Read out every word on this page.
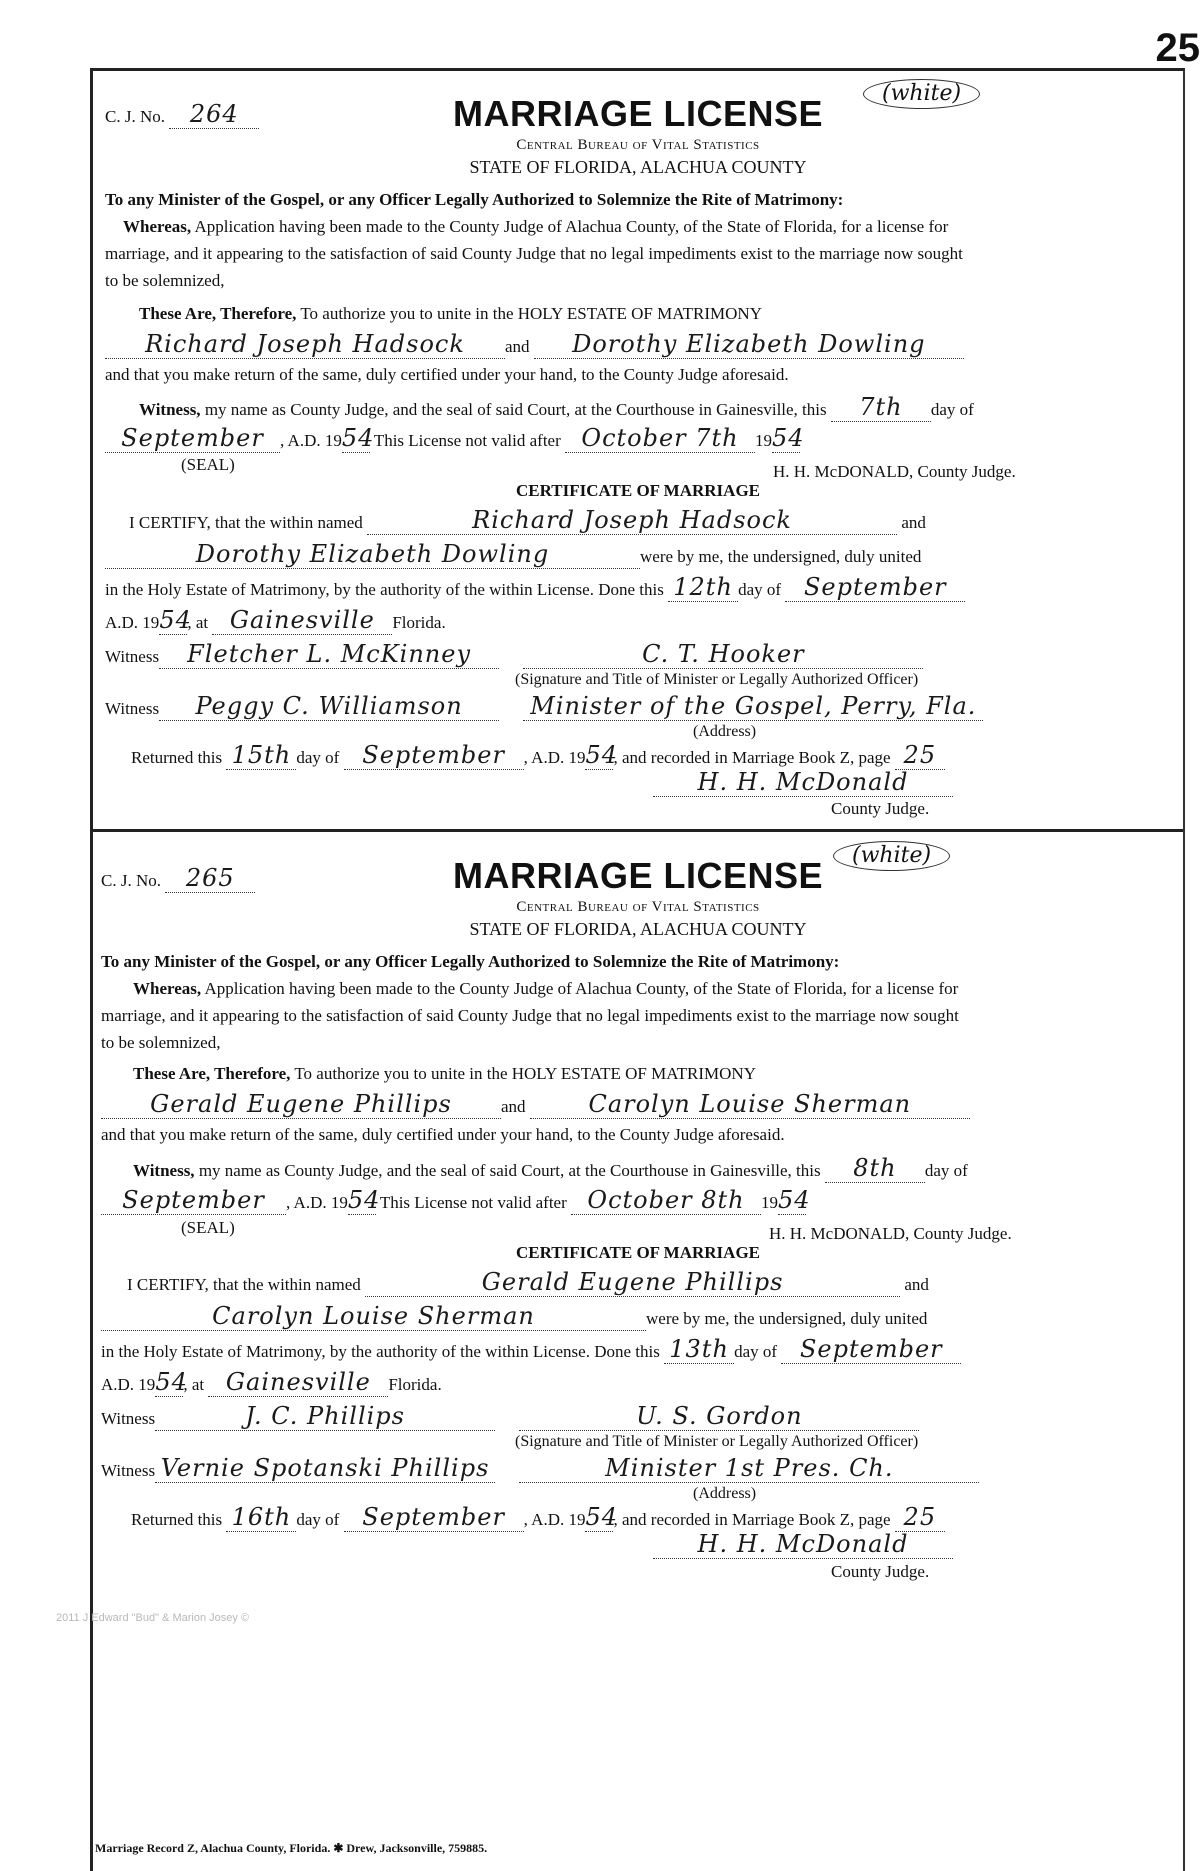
25
C. J. No. 264
(white)
MARRIAGE LICENSE
Central Bureau of Vital Statistics
STATE OF FLORIDA, ALACHUA COUNTY
To any Minister of the Gospel, or any Officer Legally Authorized to Solemnize the Rite of Matrimony:
Whereas, Application having been made to the County Judge of Alachua County, of the State of Florida, for a license for
marriage, and it appearing to the satisfaction of said County Judge that no legal impediments exist to the marriage now sought
to be solemnized,
These Are, Therefore, To authorize you to unite in the HOLY ESTATE OF MATRIMONY
Richard Joseph Hadsock and Dorothy Elizabeth Dowling
and that you make return of the same, duly certified under your hand, to the County Judge aforesaid.
Witness, my name as County Judge, and the seal of said Court, at the Courthouse in Gainesville, this 7th day of
September , A.D. 1954 This License not valid after October 7th 1954
(SEAL)	H. H. McDONALD, County Judge.
CERTIFICATE OF MARRIAGE
I CERTIFY, that the within named	Richard Joseph Hadsock	and
Dorothy Elizabeth Dowling	were by me, the undersigned, duly united
in the Holy Estate of Matrimony, by the authority of the within License. Done this 12th day of September
A.D. 1954, at Gainesville Florida.
Witness Fletcher L. McKinney	C. T. Hooker
(Signature and Title of Minister or Legally Authorized Officer)
Witness Peggy C. Williamson	Minister of the Gospel, Perry, Fla.
(Address)
Returned this 15th day of September , A.D. 1954, and recorded in Marriage Book Z, page 25
H. H. McDonald
County Judge.
C. J. No. 265
(white)
MARRIAGE LICENSE
Central Bureau of Vital Statistics
STATE OF FLORIDA, ALACHUA COUNTY
To any Minister of the Gospel, or any Officer Legally Authorized to Solemnize the Rite of Matrimony:
Whereas, Application having been made to the County Judge of Alachua County, of the State of Florida, for a license for
marriage, and it appearing to the satisfaction of said County Judge that no legal impediments exist to the marriage now sought
to be solemnized,
These Are, Therefore, To authorize you to unite in the HOLY ESTATE OF MATRIMONY
Gerald Eugene Phillips	and	Carolyn Louise Sherman
and that you make return of the same, duly certified under your hand, to the County Judge aforesaid.
Witness, my name as County Judge, and the seal of said Court, at the Courthouse in Gainesville, this 8th day of
September , A.D. 1954 This License not valid after October 8th 1954
(SEAL)	H. H. McDONALD, County Judge.
CERTIFICATE OF MARRIAGE
I CERTIFY, that the within named	Gerald Eugene Phillips	and
Carolyn Louise Sherman	were by me, the undersigned, duly united
in the Holy Estate of Matrimony, by the authority of the within License. Done this 13th day of September
A.D. 1954, at Gainesville Florida.
Witness	J. C. Phillips	U. S. Gordon
(Signature and Title of Minister or Legally Authorized Officer)
Witness Vernie Spotanski Phillips	Minister 1st Pres. Ch.
(Address)
Returned this 16th day of September , A.D. 1954, and recorded in Marriage Book Z, page 25
H. H. McDonald
County Judge.
Marriage Record Z, Alachua County, Florida. ✱ Drew, Jacksonville, 759885.
2011 J Edward "Bud" & Marion Josey ©
